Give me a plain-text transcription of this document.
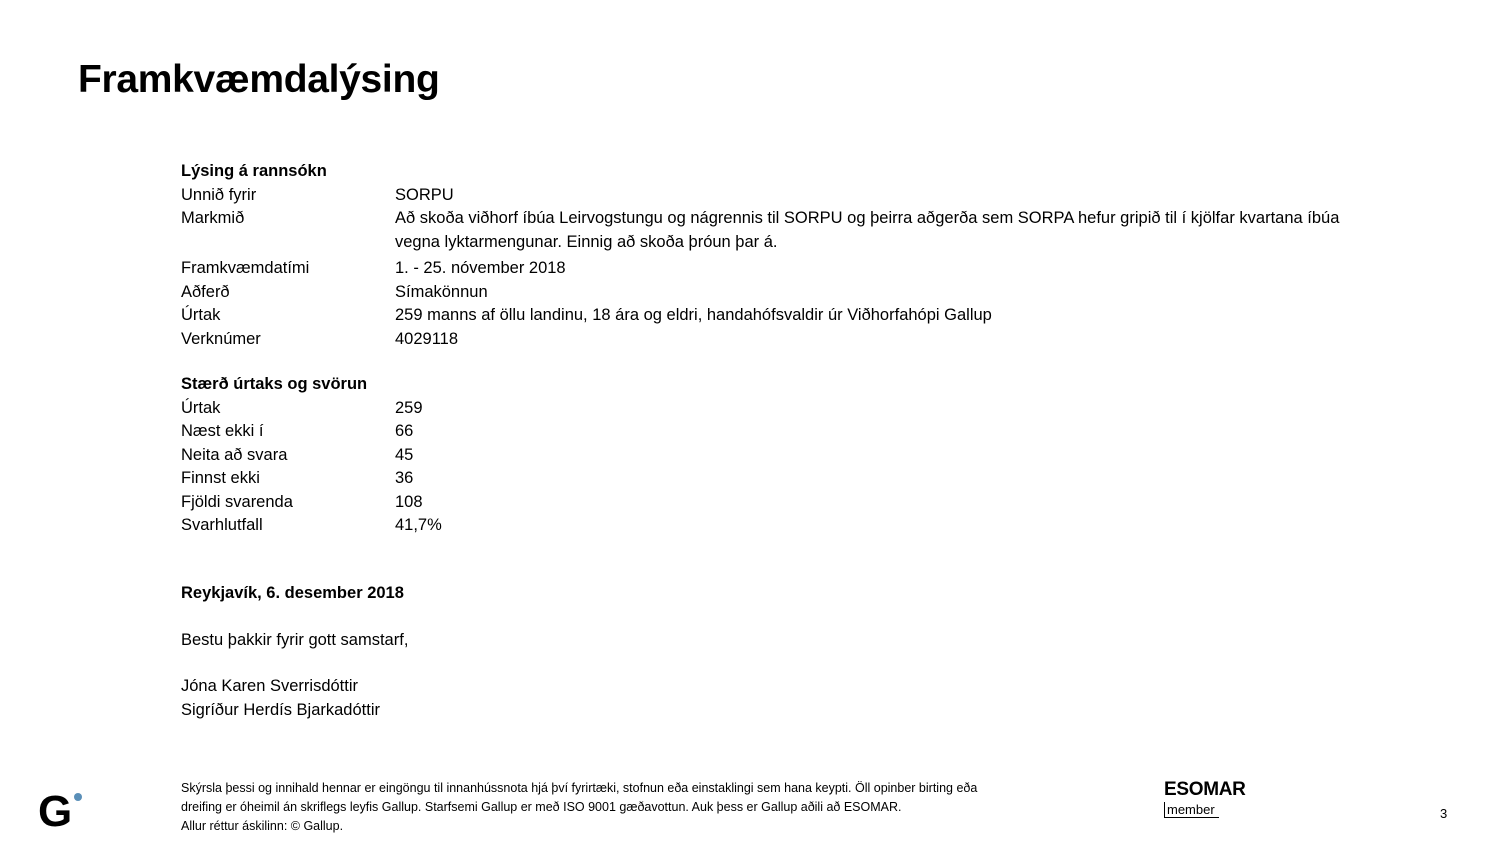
Framkvæmdalýsing
Lýsing á rannsókn
Unnið fyrir	SORPU
Markmið	Að skoða viðhorf íbúa Leirvogstungu og nágrennis til SORPU og þeirra aðgerða sem SORPA hefur gripið til í kjölfar kvartana íbúa vegna lyktarmengunar. Einnig að skoða þróun þar á.
Framkvæmdatími	1. - 25. nóvember 2018
Aðferð	Símakönnun
Úrtak	259 manns af öllu landinu, 18 ára og eldri, handahófsvaldir úr Viðhorfahópi Gallup
Verknúmer	4029118
Stærð úrtaks og svörun
Úrtak	259
Næst ekki í	66
Neita að svara	45
Finnst ekki	36
Fjöldi svarenda	108
Svarhlutfall	41,7%
Reykjavík, 6. desember 2018
Bestu þakkir fyrir gott samstarf,
Jóna Karen Sverrisdóttir
Sigríður Herdís Bjarkadóttir
G	Skýrsla þessi og innihald hennar er eingöngu til innanhússnota hjá því fyrirtæki, stofnun eða einstaklingi sem hana keypti. Öll opinber birting eða
dreifing er óheimil án skriflegs leyfis Gallup. Starfsemi Gallup er með ISO 9001 gæðavottun. Auk þess er Gallup aðili að ESOMAR.
Allur réttur áskilinn: © Gallup.
ESOMAR
member	3
